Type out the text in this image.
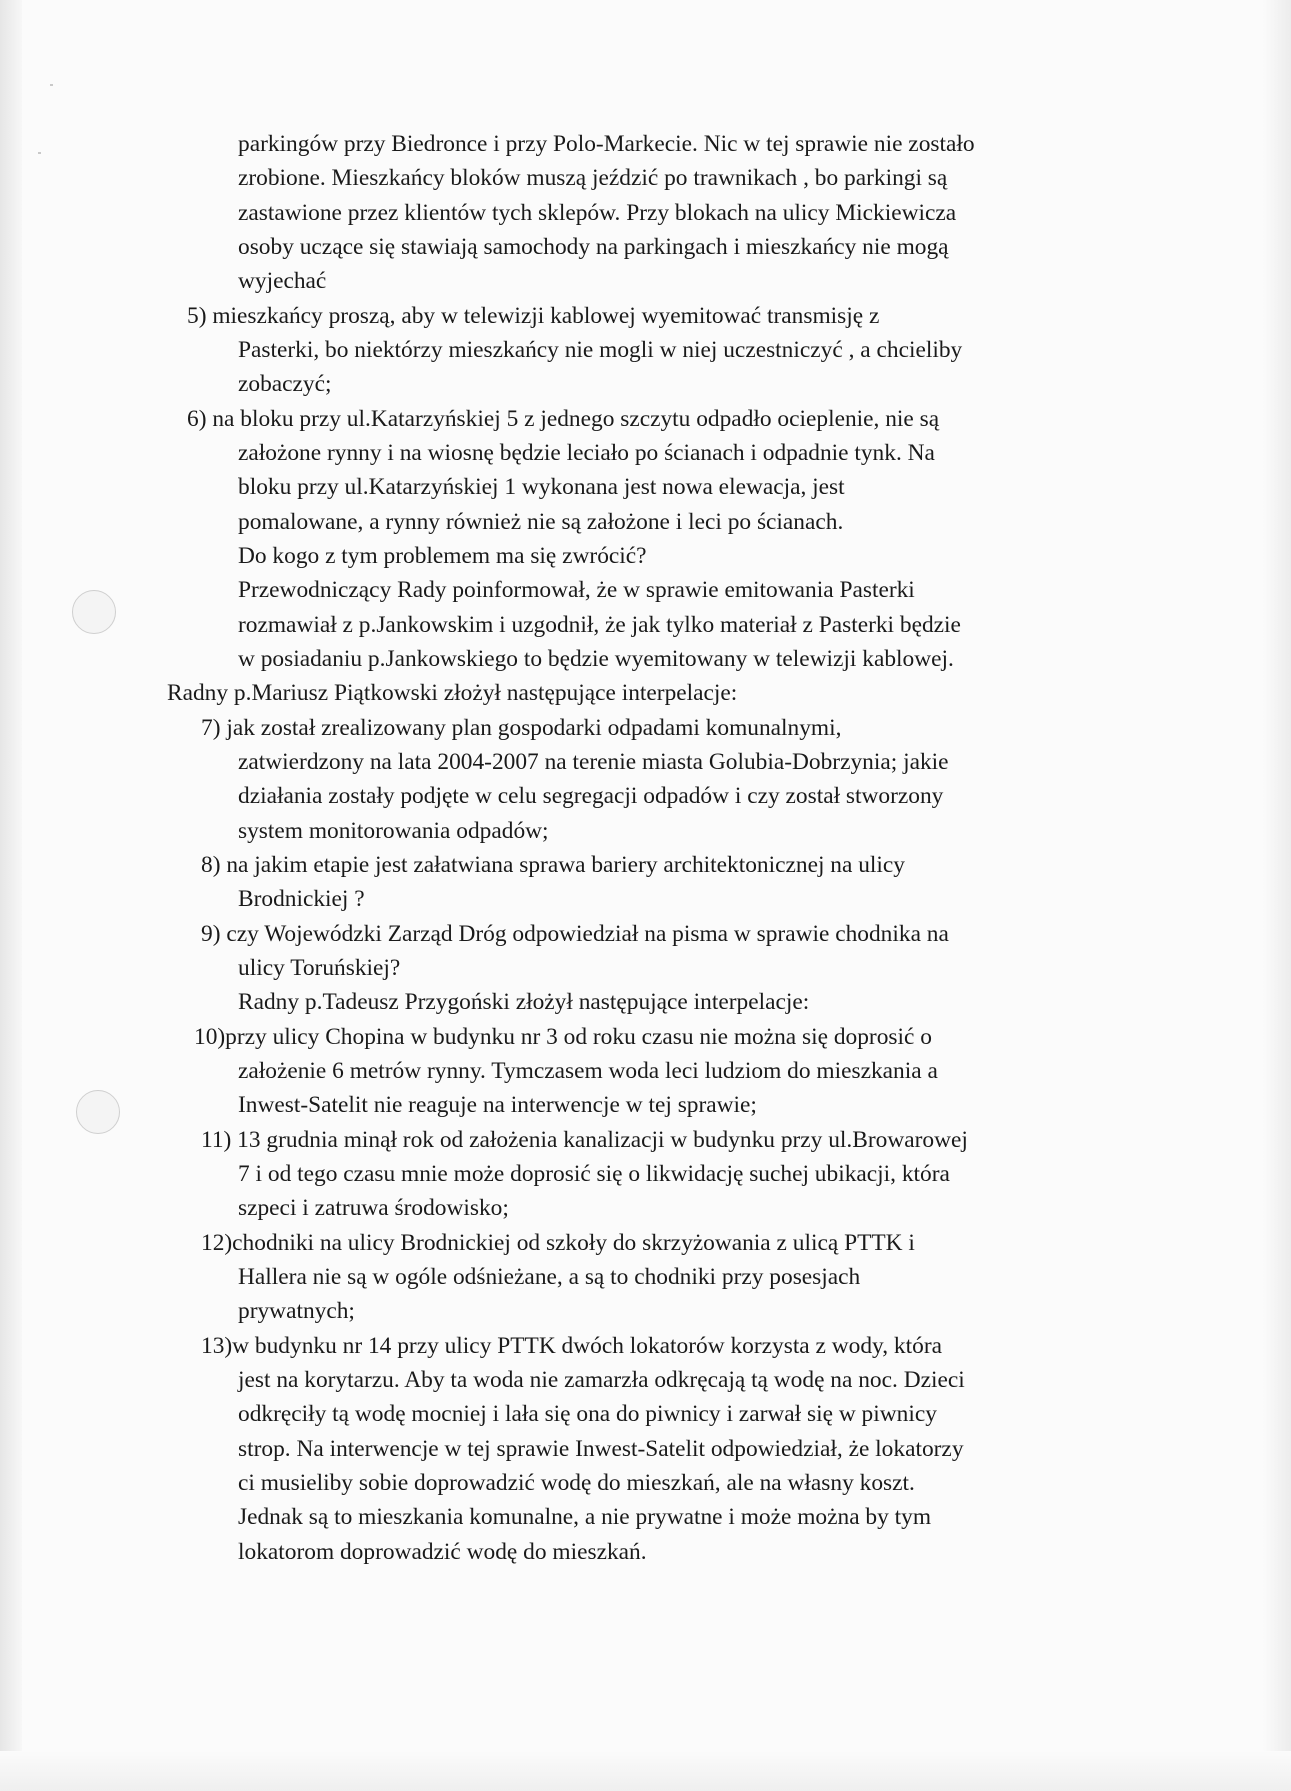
parkingów przy Biedronce i przy Polo-Markecie. Nic w tej sprawie nie zostało
zrobione. Mieszkańcy bloków muszą jeździć po trawnikach , bo parkingi są
zastawione przez klientów tych sklepów. Przy blokach na ulicy Mickiewicza
osoby uczące się stawiają samochody na parkingach i mieszkańcy nie mogą
wyjechać
5) mieszkańcy proszą, aby w telewizji kablowej wyemitować transmisję z
Pasterki, bo niektórzy mieszkańcy nie mogli w niej uczestniczyć , a chcieliby
zobaczyć;
6) na bloku przy ul.Katarzyńskiej 5 z jednego szczytu odpadło ocieplenie, nie są
założone rynny i na wiosnę będzie leciało po ścianach i odpadnie tynk. Na
bloku przy ul.Katarzyńskiej 1 wykonana jest nowa elewacja, jest
pomalowane, a rynny również nie są założone i leci po ścianach.
Do kogo z tym problemem ma się zwrócić?
Przewodniczący Rady poinformował, że w sprawie emitowania Pasterki
rozmawiał z p.Jankowskim i uzgodnił, że jak tylko materiał z Pasterki będzie
w posiadaniu p.Jankowskiego to będzie wyemitowany w telewizji kablowej.
Radny p.Mariusz Piątkowski złożył następujące interpelacje:
7) jak został zrealizowany plan gospodarki odpadami komunalnymi,
zatwierdzony na lata 2004-2007 na terenie miasta Golubia-Dobrzynia; jakie
działania zostały podjęte w celu segregacji odpadów i czy został stworzony
system monitorowania odpadów;
8) na jakim etapie jest załatwiana sprawa bariery architektonicznej na ulicy
Brodnickiej ?
9) czy Wojewódzki Zarząd Dróg odpowiedział na pisma w sprawie chodnika na
ulicy Toruńskiej?
Radny p.Tadeusz Przygoński złożył następujące interpelacje:
10)przy ulicy Chopina w budynku nr 3 od roku czasu nie można się doprosić o
założenie 6 metrów rynny. Tymczasem woda leci ludziom do mieszkania a
Inwest-Satelit nie reaguje na interwencje w tej sprawie;
11) 13 grudnia minął rok od założenia kanalizacji w budynku przy ul.Browarowej
7 i od tego czasu mnie może doprosić się o likwidację suchej ubikacji, która
szpeci i zatruwa środowisko;
12)chodniki na ulicy Brodnickiej od szkoły do skrzyżowania z ulicą PTTK i
Hallera nie są w ogóle odśnieżane, a są to chodniki przy posesjach
prywatnych;
13)w budynku nr 14 przy ulicy PTTK dwóch lokatorów korzysta z wody, która
jest na korytarzu. Aby ta woda nie zamarzła odkręcają tą wodę na noc. Dzieci
odkręciły tą wodę mocniej i lała się ona do piwnicy i zarwał się w piwnicy
strop. Na interwencje w tej sprawie Inwest-Satelit odpowiedział, że lokatorzy
ci musieliby sobie doprowadzić wodę do mieszkań, ale na własny koszt.
Jednak są to mieszkania komunalne, a nie prywatne i może można by tym
lokatorom doprowadzić wodę do mieszkań.
